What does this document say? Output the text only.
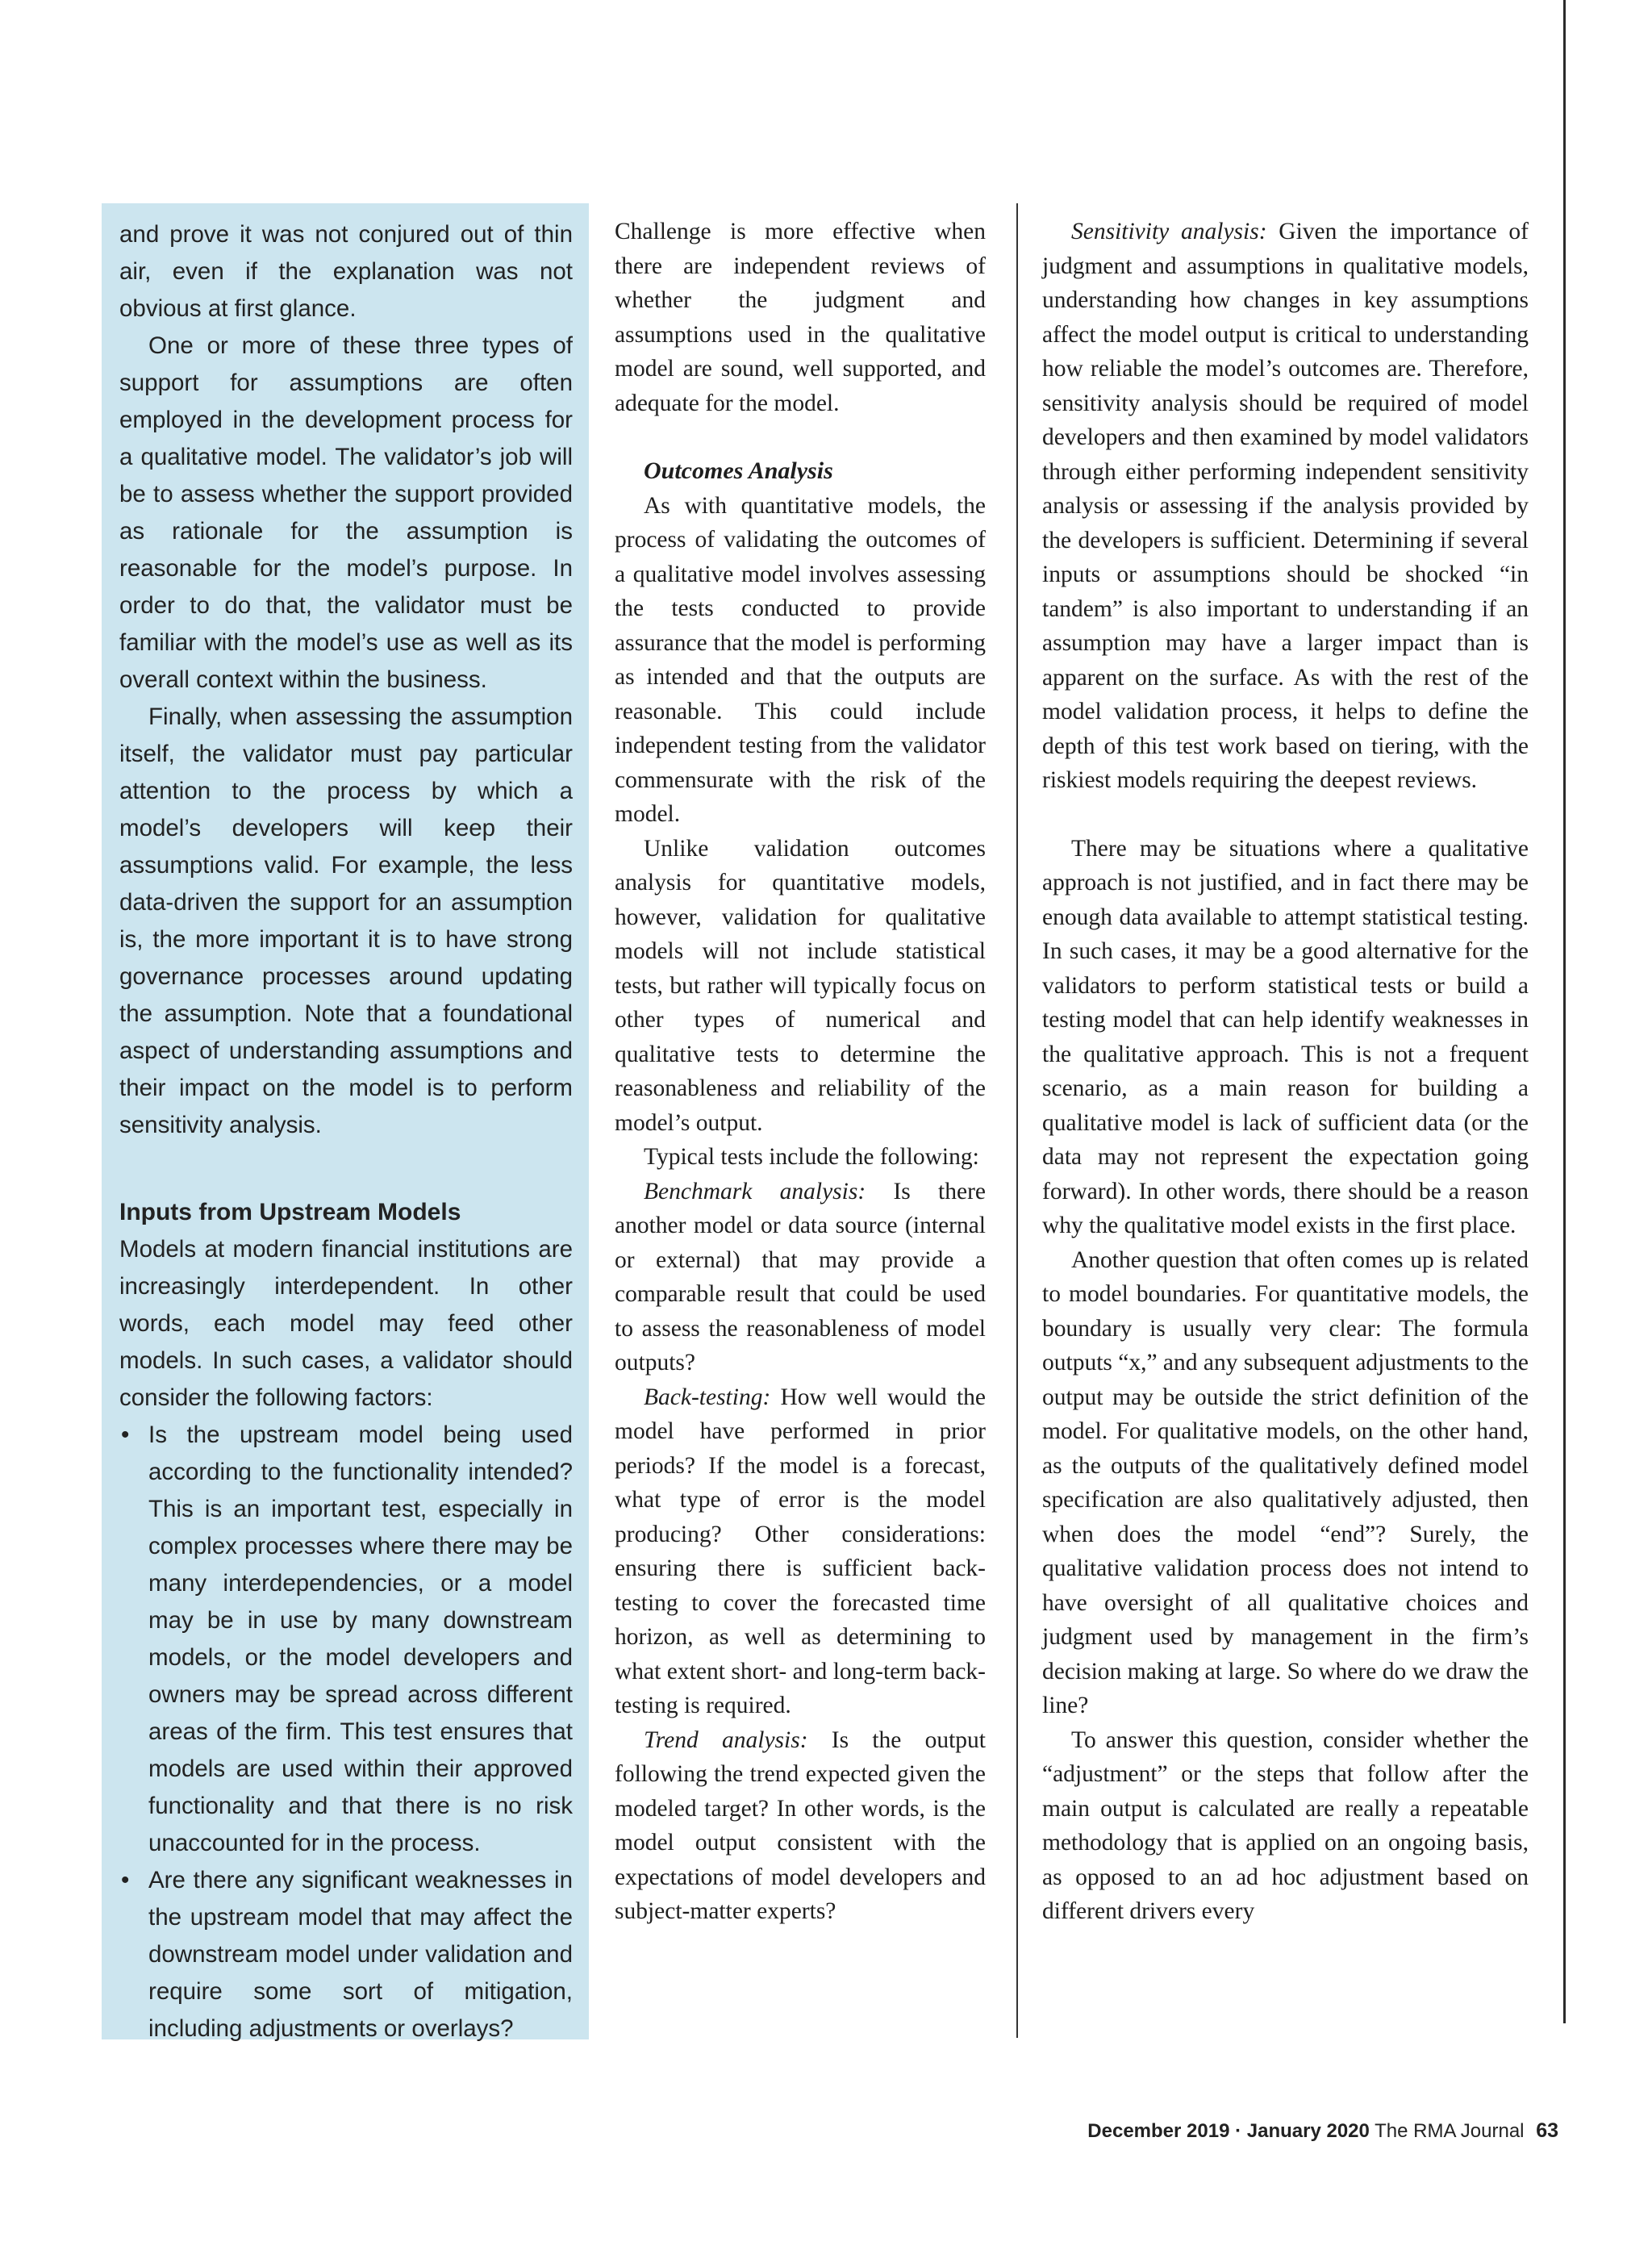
and prove it was not conjured out of thin air, even if the explanation was not obvious at first glance.

One or more of these three types of support for assumptions are often employed in the development process for a qualitative model. The validator’s job will be to assess whether the support provided as rationale for the assumption is reasonable for the model’s purpose. In order to do that, the validator must be familiar with the model’s use as well as its overall context within the business.

Finally, when assessing the assumption itself, the validator must pay particular attention to the process by which a model’s developers will keep their assumptions valid. For example, the less data-driven the support for an assumption is, the more important it is to have strong governance processes around updating the assumption. Note that a foundational aspect of understanding assumptions and their impact on the model is to perform sensitivity analysis.

Inputs from Upstream Models

Models at modern financial institutions are increasingly interdependent. In other words, each model may feed other models. In such cases, a validator should consider the following factors:

• Is the upstream model being used according to the functionality intended? This is an important test, especially in complex processes where there may be many interdependencies, or a model may be in use by many downstream models, or the model developers and owners may be spread across different areas of the firm. This test ensures that models are used within their approved functionality and that there is no risk unaccounted for in the process.
• Are there any significant weaknesses in the upstream model that may affect the downstream model under validation and require some sort of mitigation, including adjustments or overlays?

Challenge is more effective when there are independent reviews of whether the judgment and assumptions used in the qualitative model are sound, well supported, and adequate for the model.

Outcomes Analysis

As with quantitative models, the process of validating the outcomes of a qualitative model involves assessing the tests conducted to provide assurance that the model is performing as intended and that the outputs are reasonable. This could include independent testing from the validator commensurate with the risk of the model.

Unlike validation outcomes analysis for quantitative models, however, validation for qualitative models will not include statistical tests, but rather will typically focus on other types of numerical and qualitative tests to determine the reasonableness and reliability of the model’s output.

Typical tests include the following:

Benchmark analysis: Is there another model or data source (internal or external) that may provide a comparable result that could be used to assess the reasonableness of model outputs?

Back-testing: How well would the model have performed in prior periods? If the model is a forecast, what type of error is the model producing? Other considerations: ensuring there is sufficient back-testing to cover the forecasted time horizon, as well as determining to what extent short- and long-term back-testing is required.

Trend analysis: Is the output following the trend expected given the modeled target? In other words, is the model output consistent with the expectations of model developers and subject-matter experts?

Sensitivity analysis: Given the importance of judgment and assumptions in qualitative models, understanding how changes in key assumptions affect the model output is critical to understanding how reliable the model’s outcomes are. Therefore, sensitivity analysis should be required of model developers and then examined by model validators through either performing independent sensitivity analysis or assessing if the analysis provided by the developers is sufficient. Determining if several inputs or assumptions should be shocked “in tandem” is also important to understanding if an assumption may have a larger impact than is apparent on the surface. As with the rest of the model validation process, it helps to define the depth of this test work based on tiering, with the riskiest models requiring the deepest reviews.

There may be situations where a qualitative approach is not justified, and in fact there may be enough data available to attempt statistical testing. In such cases, it may be a good alternative for the validators to perform statistical tests or build a testing model that can help identify weaknesses in the qualitative approach. This is not a frequent scenario, as a main reason for building a qualitative model is lack of sufficient data (or the data may not represent the expectation going forward). In other words, there should be a reason why the qualitative model exists in the first place.

Another question that often comes up is related to model boundaries. For quantitative models, the boundary is usually very clear: The formula outputs “x,” and any subsequent adjustments to the output may be outside the strict definition of the model. For qualitative models, on the other hand, as the outputs of the qualitatively defined model specification are also qualitatively adjusted, then when does the model “end”? Surely, the qualitative validation process does not intend to have oversight of all qualitative choices and judgment used by management in the firm’s decision making at large. So where do we draw the line?

To answer this question, consider whether the “adjustment” or the steps that follow after the main output is calculated are really a repeatable methodology that is applied on an ongoing basis, as opposed to an ad hoc adjustment based on different drivers every

December 2019 · January 2020 The RMA Journal 63
